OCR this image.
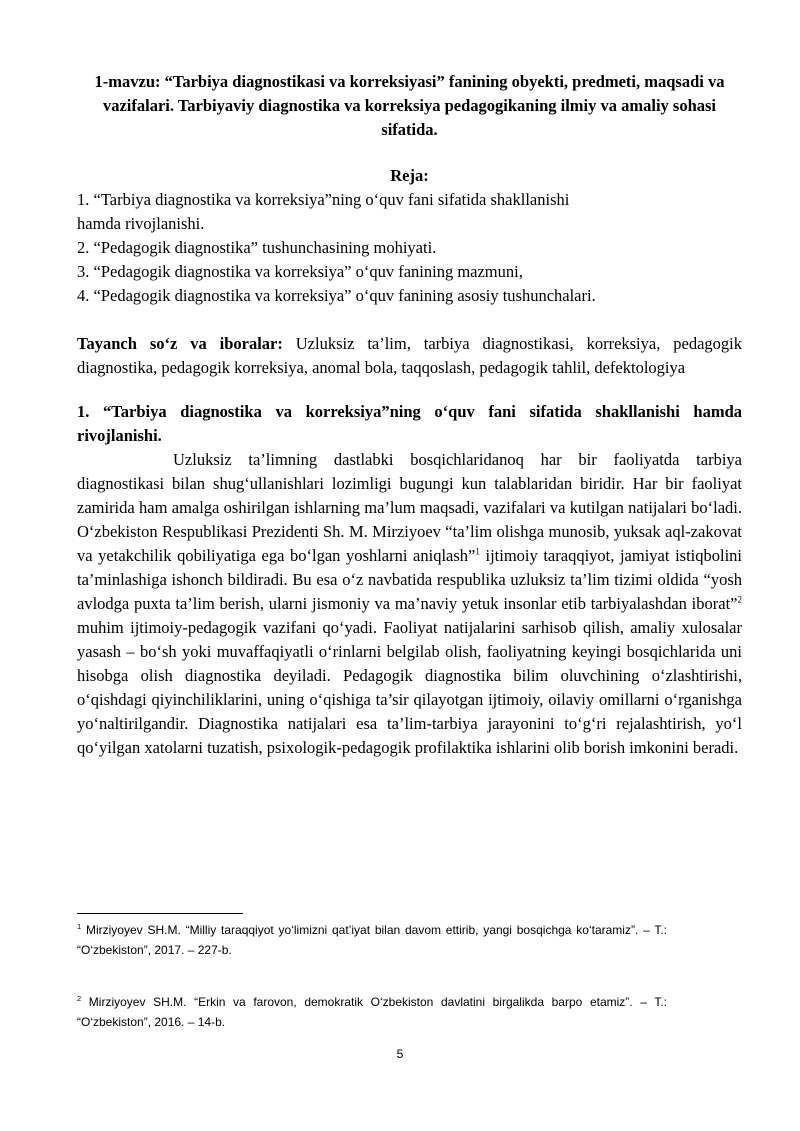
1-mavzu: “Tarbiya diagnostikasi va korreksiyasi” fanining obyekti, predmeti, maqsadi va vazifalari. Tarbiyaviy diagnostika va korreksiya pedagogikaning ilmiy va amaliy sohasi sifatida.
Reja:
1. “Tarbiya diagnostika va korreksiya”ning o‘quv fani sifatida shakllanishi
hamda rivojlanishi.
2. “Pedagogik diagnostika” tushunchasining mohiyati.
3. “Pedagogik diagnostika va korreksiya” o‘quv fanining mazmuni,
4. “Pedagogik diagnostika va korreksiya” o‘quv fanining asosiy tushunchalari.

Tayanch so‘z va iboralar: Uzluksiz ta’lim, tarbiya diagnostikasi, korreksiya, pedagogik diagnostika, pedagogik korreksiya, anomal bola, taqqoslash, pedagogik tahlil, defektologiya

1. “Tarbiya diagnostika va korreksiya”ning o‘quv fani sifatida shakllanishi hamda rivojlanishi.

Uzluksiz ta’limning dastlabki bosqichlaridanoq har bir faoliyatda tarbiya diagnostikasi bilan shug‘ullanishlari lozimligi bugungi kun talablaridan biridir. Har bir faoliyat zamirida ham amalga oshirilgan ishlarning ma’lum maqsadi, vazifalari va kutilgan natijalari bo‘ladi. O‘zbekiston Respublikasi Prezidenti Sh. M. Mirziyoev “ta’lim olishga munosib, yuksak aql-zakovat va yetakchilik qobiliyatiga ega bo‘lgan yoshlarni aniqlash”$^1$ ijtimoiy taraqqiyot, jamiyat istiqbolini ta’minlashiga ishonch bildiradi. Bu esa o‘z navbatida respublika uzluksiz ta’lim tizimi oldida “yosh avlodga puxta ta’lim berish, ularni jismoniy va ma’naviy yetuk insonlar etib tarbiyalashdan iborat”$^2$ muhim ijtimoiy-pedagogik vazifani qo‘yadi. Faoliyat natijalarini sarhisob qilish, amaliy xulosalar yasash – bo‘sh yoki muvaffaqiyatli o‘rinlarni belgilab olish, faoliyatning keyingi bosqichlarida uni hisobga olish diagnostika deyiladi. Pedagogik diagnostika bilim oluvchining o‘zlashtirishi, o‘qishdagi qiyinchiliklarini, uning o‘qishiga ta’sir qilayotgan ijtimoiy, oilaviy omillarni o‘rganishga yo‘naltirilgandir. Diagnostika natijalari esa ta’lim-tarbiya jarayonini to‘g‘ri rejalashtirish, yo‘l qo‘yilgan xatolarni tuzatish, psixologik-pedagogik profilaktika ishlarini olib borish imkonini beradi.

$^1$ Mirziyoyev SH.M. “Milliy taraqqiyot yo‘limizni qat’iyat bilan davom ettirib, yangi bosqichga ko‘taramiz”. – T.: “O‘zbekiston”, 2017. – 227-b.
$^2$ Mirziyoyev SH.M. “Erkin va farovon, demokratik O‘zbekiston davlatini birgalikda barpo etamiz”. – T.: “O‘zbekiston”, 2016. – 14-b.
5
